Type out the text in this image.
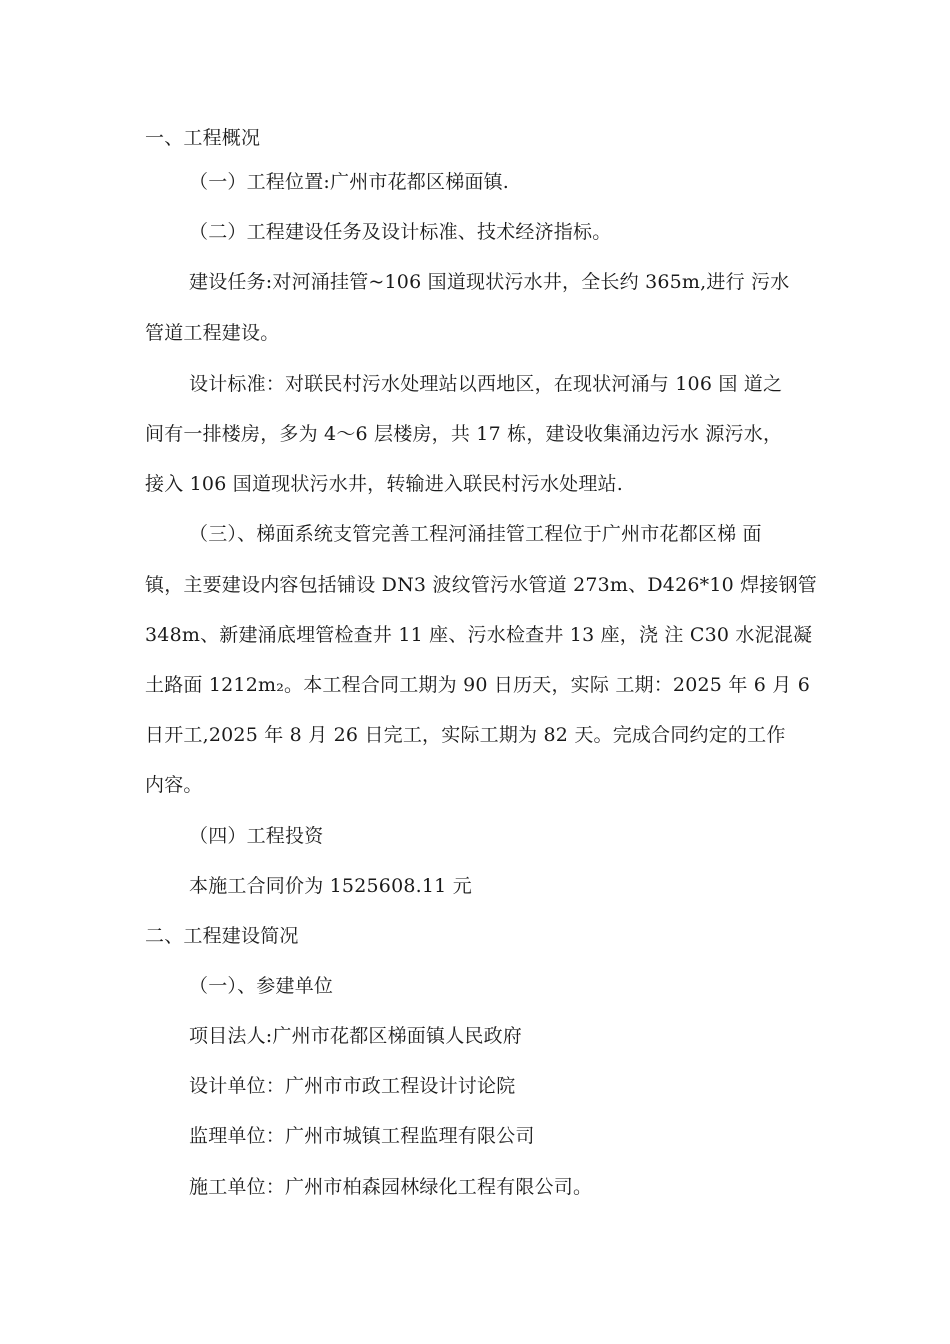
一、工程概况
（一）工程位置:广州市花都区梯面镇.
（二）工程建设任务及设计标准、技术经济指标。
建设任务:对河涌挂管~106 国道现状污水井，全长约 365m,进行 污水
管道工程建设。
设计标准：对联民村污水处理站以西地区，在现状河涌与 106 国 道之
间有一排楼房，多为 4〜6 层楼房，共 17 栋，建设收集涌边污水 源污水，
接入 106 国道现状污水井，转输进入联民村污水处理站.
（三）、梯面系统支管完善工程河涌挂管工程位于广州市花都区梯 面
镇，主要建设内容包括铺设 DN3 波纹管污水管道 273m、D426*10 焊接钢管
348m、新建涌底埋管检查井 11 座、污水检查井 13 座，浇 注 C30 水泥混凝
土路面 1212m₂。本工程合同工期为 90 日历天，实际 工期：2025 年 6 月 6
日开工,2025 年 8 月 26 日完工，实际工期为 82 天。完成合同约定的工作
内容。
（四）工程投资
本施工合同价为 1525608.11 元
二、工程建设简况
（一）、参建单位
项目法人:广州市花都区梯面镇人民政府
设计单位：广州市市政工程设计讨论院
监理单位：广州市城镇工程监理有限公司
施工单位：广州市柏森园林绿化工程有限公司。
